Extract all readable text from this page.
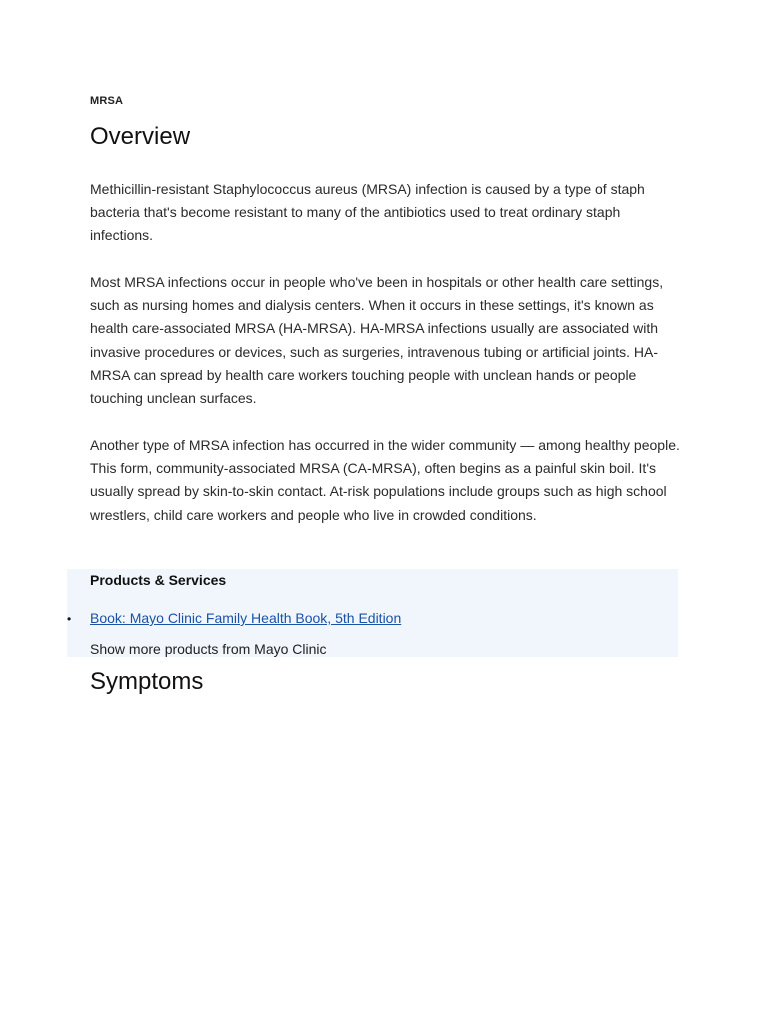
MRSA
Overview

Methicillin-resistant Staphylococcus aureus (MRSA) infection is caused by a type of staph bacteria that's become resistant to many of the antibiotics used to treat ordinary staph infections.

Most MRSA infections occur in people who've been in hospitals or other health care settings, such as nursing homes and dialysis centers. When it occurs in these settings, it's known as health care-associated MRSA (HA-MRSA). HA-MRSA infections usually are associated with invasive procedures or devices, such as surgeries, intravenous tubing or artificial joints. HA-MRSA can spread by health care workers touching people with unclean hands or people touching unclean surfaces.

Another type of MRSA infection has occurred in the wider community — among healthy people. This form, community-associated MRSA (CA-MRSA), often begins as a painful skin boil. It's usually spread by skin-to-skin contact. At-risk populations include groups such as high school wrestlers, child care workers and people who live in crowded conditions.

Products & Services
• Book: Mayo Clinic Family Health Book, 5th Edition
Show more products from Mayo Clinic
Symptoms
